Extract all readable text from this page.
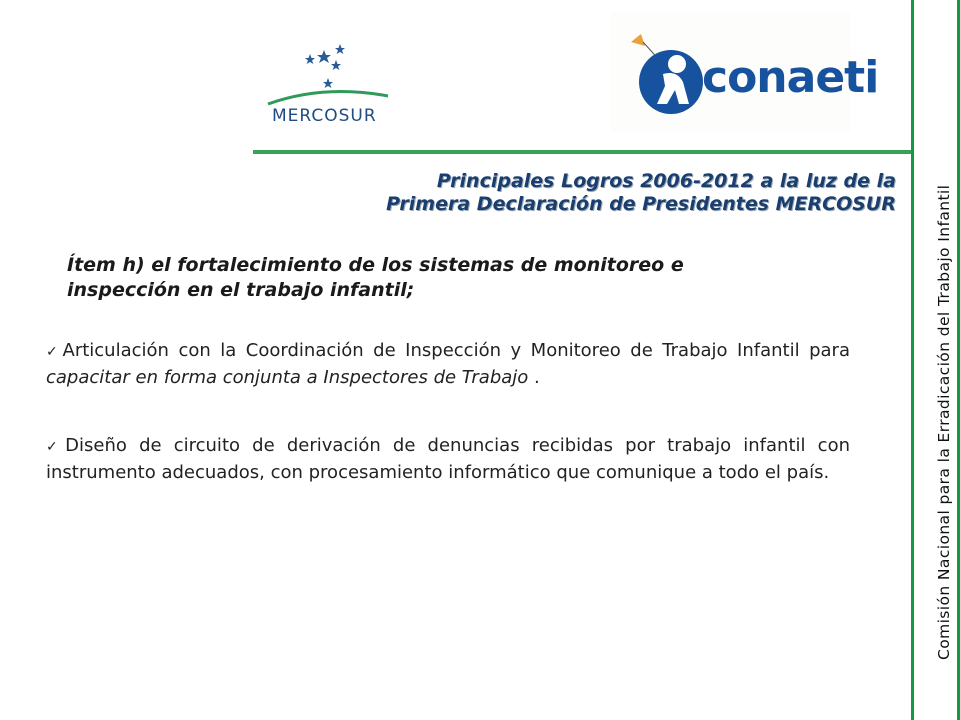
MERCOSUR
conaeti
Comisión Nacional para la Erradicación del Trabajo Infantil
Principales Logros 2006-2012 a la luz de la
Primera Declaración de Presidentes MERCOSUR
Ítem h) el fortalecimiento de los sistemas de monitoreo e
inspección en el trabajo infantil;
✓Articulación con la Coordinación de Inspección y Monitoreo de Trabajo Infantil para capacitar en forma conjunta a Inspectores de Trabajo .
✓Diseño de circuito de derivación de denuncias recibidas por trabajo infantil con instrumento adecuados, con procesamiento informático que comunique a todo el país.
